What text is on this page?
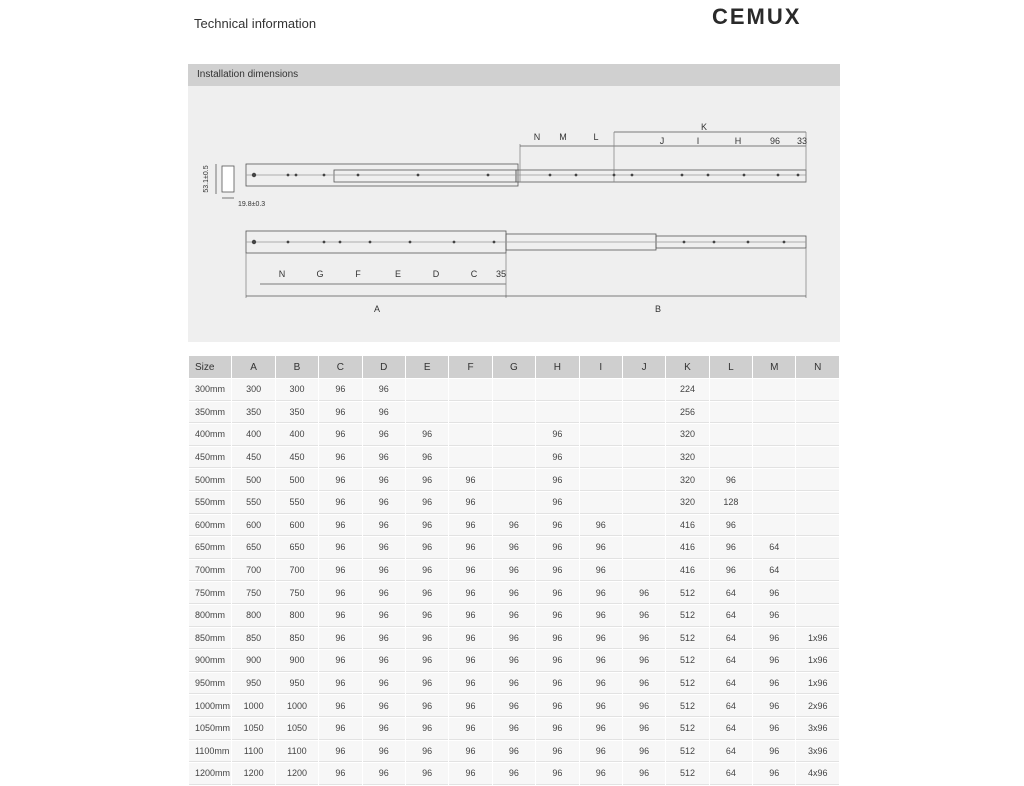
Technical information	CEMUX
Installation dimensions
N M	L
K
J	I	H	96 33
53.1±0.5
19.8±0.3
N	G	F	E	D	C 35
A	B
Size	A	B	C	D	E	F	G	H	I	J	K	L	M	N
300mm	300	300	96	96							224			
350mm	350	350	96	96							256			
400mm	400	400	96	96	96			96			320			
450mm	450	450	96	96	96			96			320			
500mm	500	500	96	96	96	96		96			320	96		
550mm	550	550	96	96	96	96		96			320	128		
600mm	600	600	96	96	96	96	96	96	96		416	96		
650mm	650	650	96	96	96	96	96	96	96		416	96	64	
700mm	700	700	96	96	96	96	96	96	96		416	96	64	
750mm	750	750	96	96	96	96	96	96	96	96	512	64	96	
800mm	800	800	96	96	96	96	96	96	96	96	512	64	96	
850mm	850	850	96	96	96	96	96	96	96	96	512	64	96	1x96
900mm	900	900	96	96	96	96	96	96	96	96	512	64	96	1x96
950mm	950	950	96	96	96	96	96	96	96	96	512	64	96	1x96
1000mm	1000	1000	96	96	96	96	96	96	96	96	512	64	96	2x96
1050mm	1050	1050	96	96	96	96	96	96	96	96	512	64	96	3x96
1100mm	1100	1100	96	96	96	96	96	96	96	96	512	64	96	3x96
1200mm	1200	1200	96	96	96	96	96	96	96	96	512	64	96	4x96
